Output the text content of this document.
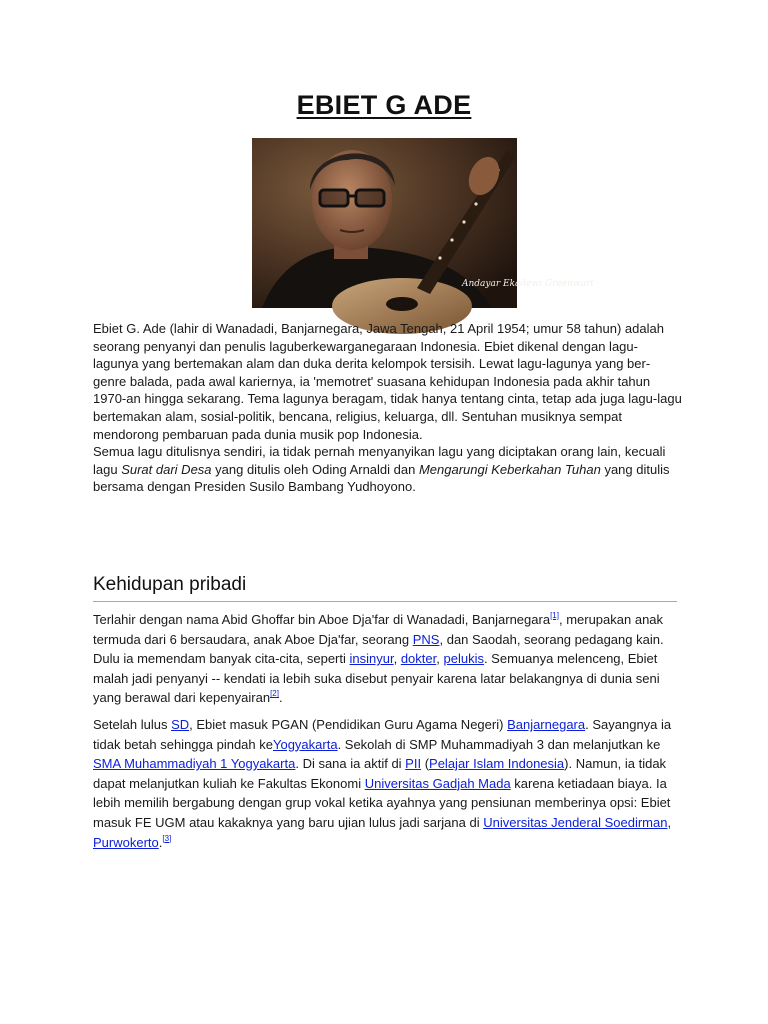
EBIET G ADE
Andayar Ekadewi Greenwart

Ebiet G. Ade (lahir di Wanadadi, Banjarnegara, Jawa Tengah, 21 April 1954; umur 58 tahun) adalah seorang penyanyi dan penulis laguberkewarganegaraan Indonesia. Ebiet dikenal dengan lagu-lagunya yang bertemakan alam dan duka derita kelompok tersisih. Lewat lagu-lagunya yang ber-genre balada, pada awal kariernya, ia 'memotret' suasana kehidupan Indonesia pada akhir tahun 1970-an hingga sekarang. Tema lagunya beragam, tidak hanya tentang cinta, tetap ada juga lagu-lagu bertemakan alam, sosial-politik, bencana, religius, keluarga, dll. Sentuhan musiknya sempat mendorong pembaruan pada dunia musik pop Indonesia.

Semua lagu ditulisnya sendiri, ia tidak pernah menyanyikan lagu yang diciptakan orang lain, kecuali lagu Surat dari Desa yang ditulis oleh Oding Arnaldi dan Mengarungi Keberkahan Tuhan yang ditulis bersama dengan Presiden Susilo Bambang Yudhoyono.

Kehidupan pribadi

Terlahir dengan nama Abid Ghoffar bin Aboe Dja'far di Wanadadi, Banjarnegara[1], merupakan anak termuda dari 6 bersaudara, anak Aboe Dja'far, seorang PNS, dan Saodah, seorang pedagang kain. Dulu ia memendam banyak cita-cita, seperti insinyur, dokter, pelukis. Semuanya melenceng, Ebiet malah jadi penyanyi -- kendati ia lebih suka disebut penyair karena latar belakangnya di dunia seni yang berawal dari kepenyairan[2].

Setelah lulus SD, Ebiet masuk PGAN (Pendidikan Guru Agama Negeri) Banjarnegara. Sayangnya ia tidak betah sehingga pindah keYogyakarta. Sekolah di SMP Muhammadiyah 3 dan melanjutkan ke SMA Muhammadiyah 1 Yogyakarta. Di sana ia aktif di PII (Pelajar Islam Indonesia). Namun, ia tidak dapat melanjutkan kuliah ke Fakultas Ekonomi Universitas Gadjah Mada karena ketiadaan biaya. Ia lebih memilih bergabung dengan grup vokal ketika ayahnya yang pensiunan memberinya opsi: Ebiet masuk FE UGM atau kakaknya yang baru ujian lulus jadi sarjana di Universitas Jenderal Soedirman, Purwokerto.[3]
